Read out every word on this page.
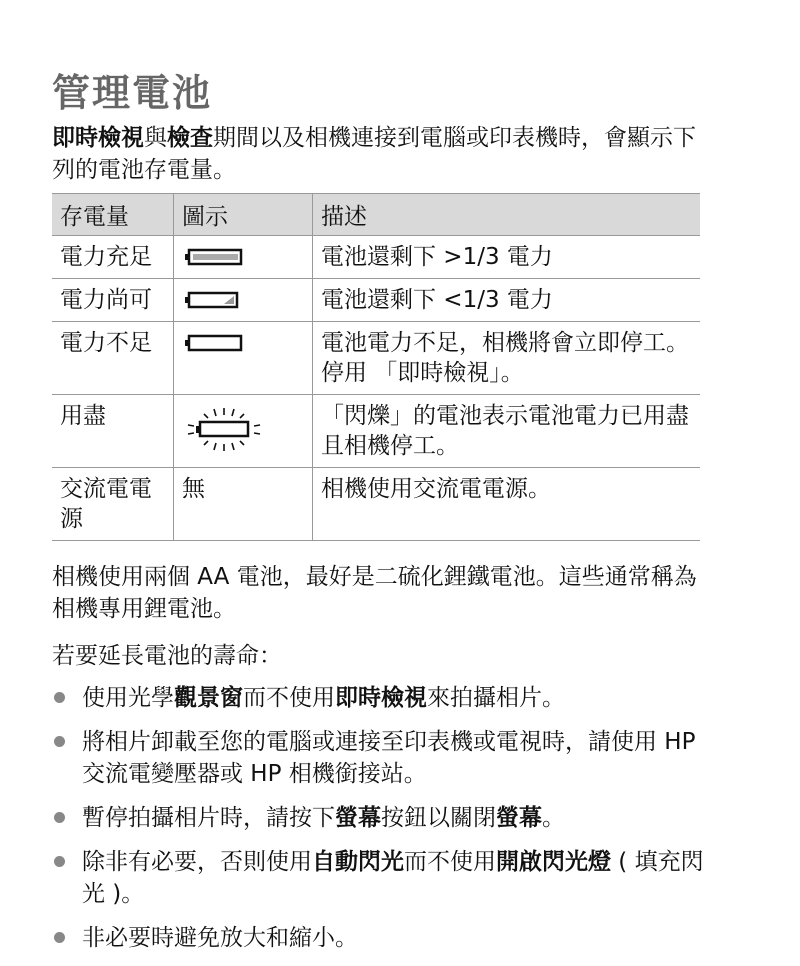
管理電池
即時檢視與檢查期間以及相機連接到電腦或印表機時，會顯示下列的電池存電量。
存電量	圖示	描述
電力充足		電池還剩下 >1/3 電力
電力尚可		電池還剩下 <1/3 電力
電力不足		電池電力不足，相機將會立即停工。停用 「即時檢視」。
用盡		「閃爍」的電池表示電池電力已用盡且相機停工。
交流電電源	無	相機使用交流電電源。
相機使用兩個 AA 電池，最好是二硫化鋰鐵電池。這些通常稱為相機專用鋰電池。
若要延長電池的壽命：
使用光學觀景窗而不使用即時檢視來拍攝相片。
將相片卸載至您的電腦或連接至印表機或電視時，請使用 HP 交流電變壓器或 HP 相機銜接站。
暫停拍攝相片時，請按下螢幕按鈕以關閉螢幕。
除非有必要，否則使用自動閃光而不使用開啟閃光燈 ( 填充閃光 )。
非必要時避免放大和縮小。
